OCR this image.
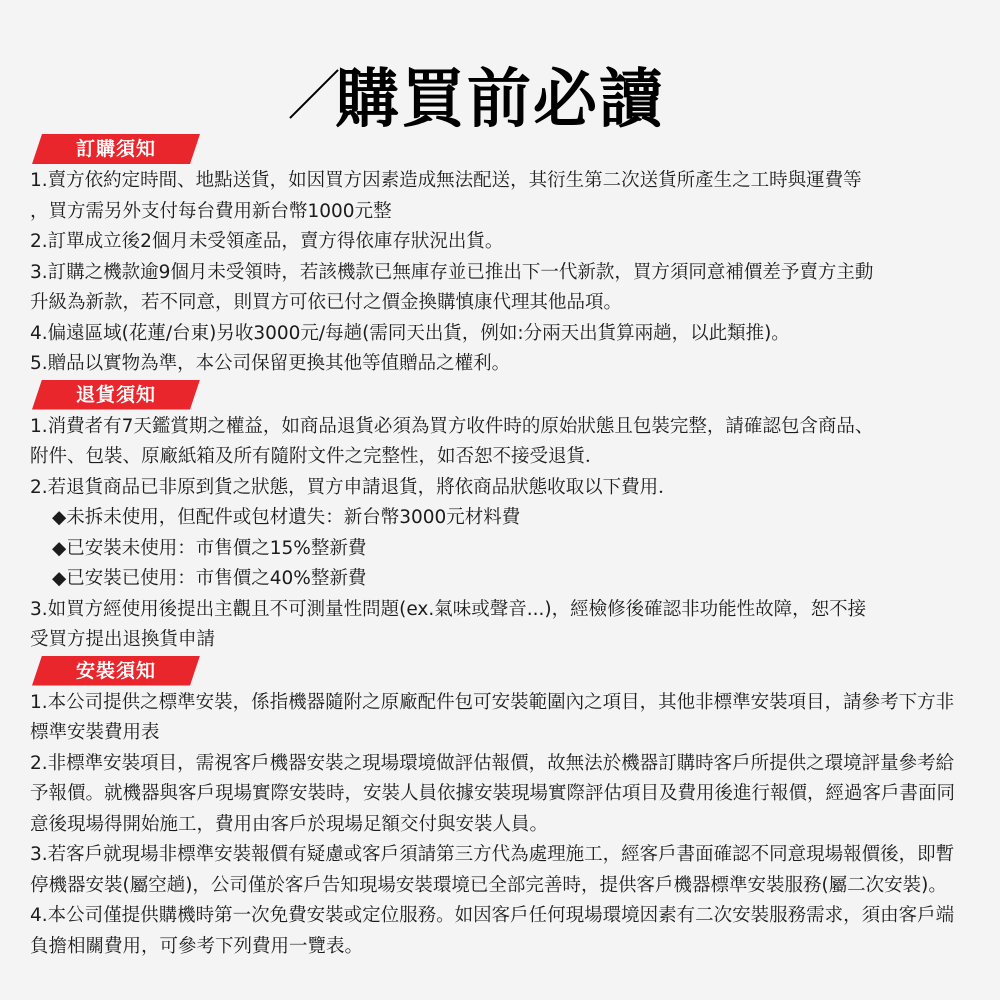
購買前必讀
訂購須知
1.賣方依約定時間、地點送貨，如因買方因素造成無法配送，其衍生第二次送貨所產生之工時與運費等
，買方需另外支付每台費用新台幣1000元整
2.訂單成立後2個月未受領產品，賣方得依庫存狀況出貨。
3.訂購之機款逾9個月未受領時，若該機款已無庫存並已推出下一代新款，買方須同意補價差予賣方主動
升級為新款，若不同意，則買方可依已付之價金換購慎康代理其他品項。
4.偏遠區域(花蓮/台東)另收3000元/每趟(需同天出貨，例如:分兩天出貨算兩趟，以此類推)。
5.贈品以實物為準，本公司保留更換其他等值贈品之權利。
退貨須知
1.消費者有7天鑑賞期之權益，如商品退貨必須為買方收件時的原始狀態且包裝完整，請確認包含商品、
附件、包裝、原廠紙箱及所有隨附文件之完整性，如否恕不接受退貨．
2.若退貨商品已非原到貨之狀態，買方申請退貨，將依商品狀態收取以下費用．
◆未拆未使用，但配件或包材遺失：新台幣3000元材料費
◆已安裝未使用：市售價之15%整新費
◆已安裝已使用：市售價之40%整新費
3.如買方經使用後提出主觀且不可測量性問題(ex.氣味或聲音...)，經檢修後確認非功能性故障，恕不接
受買方提出退換貨申請
安裝須知
1.本公司提供之標準安裝，係指機器隨附之原廠配件包可安裝範圍內之項目，其他非標準安裝項目，請參考下方非
標準安裝費用表
2.非標準安裝項目，需視客戶機器安裝之現場環境做評估報價，故無法於機器訂購時客戶所提供之環境評量參考給
予報價。就機器與客戶現場實際安裝時，安裝人員依據安裝現場實際評估項目及費用後進行報價，經過客戶書面同
意後現場得開始施工，費用由客戶於現場足額交付與安裝人員。
3.若客戶就現場非標準安裝報價有疑慮或客戶須請第三方代為處理施工，經客戶書面確認不同意現場報價後，即暫
停機器安裝(屬空趟)，公司僅於客戶告知現場安裝環境已全部完善時，提供客戶機器標準安裝服務(屬二次安裝)。
4.本公司僅提供購機時第一次免費安裝或定位服務。如因客戶任何現場環境因素有二次安裝服務需求，須由客戶端
負擔相關費用，可參考下列費用一覽表。
